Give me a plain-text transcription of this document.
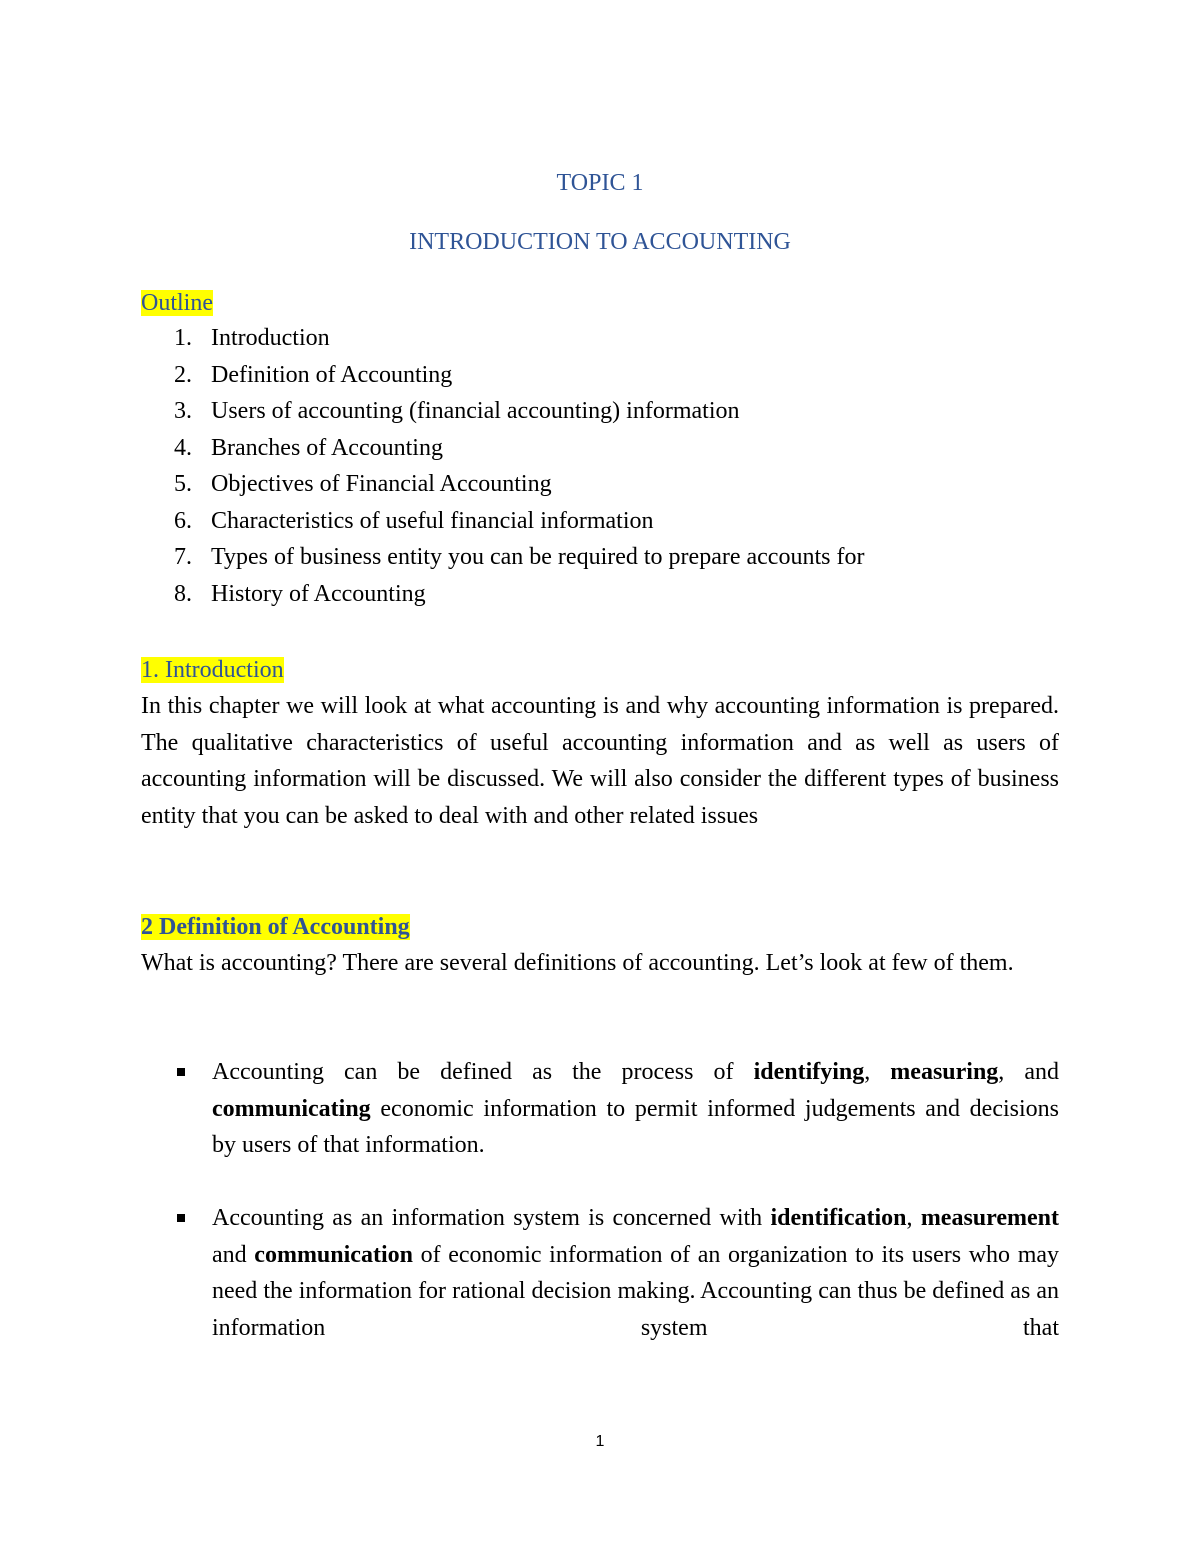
TOPIC 1
INTRODUCTION TO ACCOUNTING
Outline
1. Introduction
2. Definition of Accounting
3. Users of accounting (financial accounting) information
4. Branches of Accounting
5. Objectives of Financial Accounting
6. Characteristics of useful financial information
7. Types of business entity you can be required to prepare accounts for
8. History of Accounting
1. Introduction
In this chapter we will look at what accounting is and why accounting information is prepared. The qualitative characteristics of useful accounting information and as well as users of accounting information will be discussed. We will also consider the different types of business entity that you can be asked to deal with and other related issues
2 Definition of Accounting
What is accounting? There are several definitions of accounting. Let’s look at few of them.
Accounting can be defined as the process of identifying, measuring, and communicating economic information to permit informed judgements and decisions by users of that information.
Accounting as an information system is concerned with identification, measurement and communication of economic information of an organization to its users who may need the information for rational decision making. Accounting can thus be defined as an information system that
1
